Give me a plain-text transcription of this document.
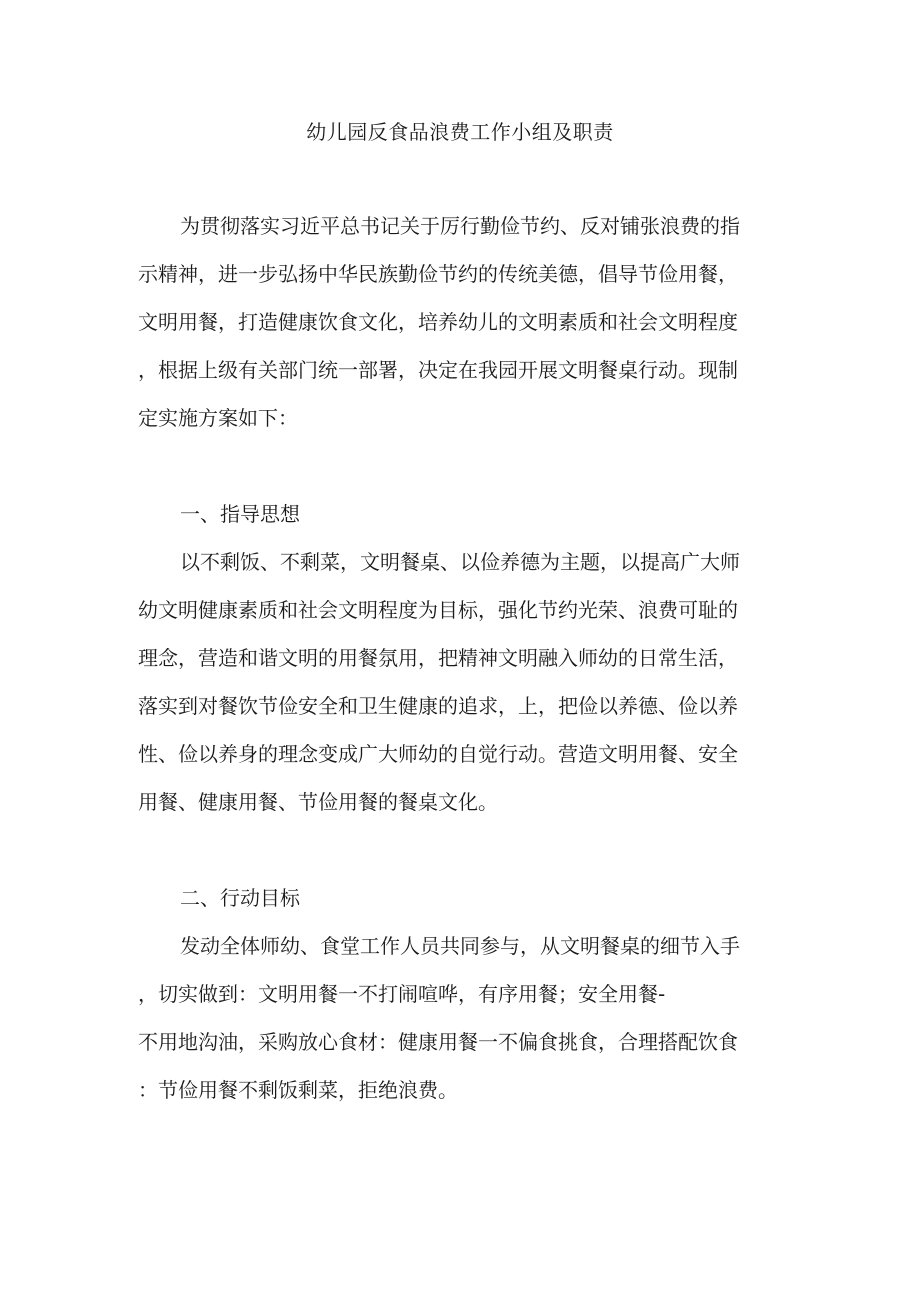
幼儿园反食品浪费工作小组及职责
为贯彻落实习近平总书记关于厉行勤俭节约、反对铺张浪费的指
示精神，进一步弘扬中华民族勤俭节约的传统美德，倡导节俭用餐，
文明用餐，打造健康饮食文化，培养幼儿的文明素质和社会文明程度
，根据上级有关部门统一部署，决定在我园开展文明餐桌行动。现制
定实施方案如下：
一、指导思想
以不剩饭、不剩菜，文明餐桌、以俭养德为主题，以提高广大师
幼文明健康素质和社会文明程度为目标，强化节约光荣、浪费可耻的
理念，营造和谐文明的用餐氛用，把精神文明融入师幼的日常生活，
落实到对餐饮节俭安全和卫生健康的追求，上，把俭以养德、俭以养
性、俭以养身的理念变成广大师幼的自觉行动。营造文明用餐、安全
用餐、健康用餐、节俭用餐的餐桌文化。
二、行动目标
发动全体师幼、食堂工作人员共同参与，从文明餐桌的细节入手
，切实做到：文明用餐一不打闹喧哗，有序用餐；安全用餐-
不用地沟油，采购放心食材：健康用餐一不偏食挑食，合理搭配饮食
：节俭用餐不剩饭剩菜，拒绝浪费。
